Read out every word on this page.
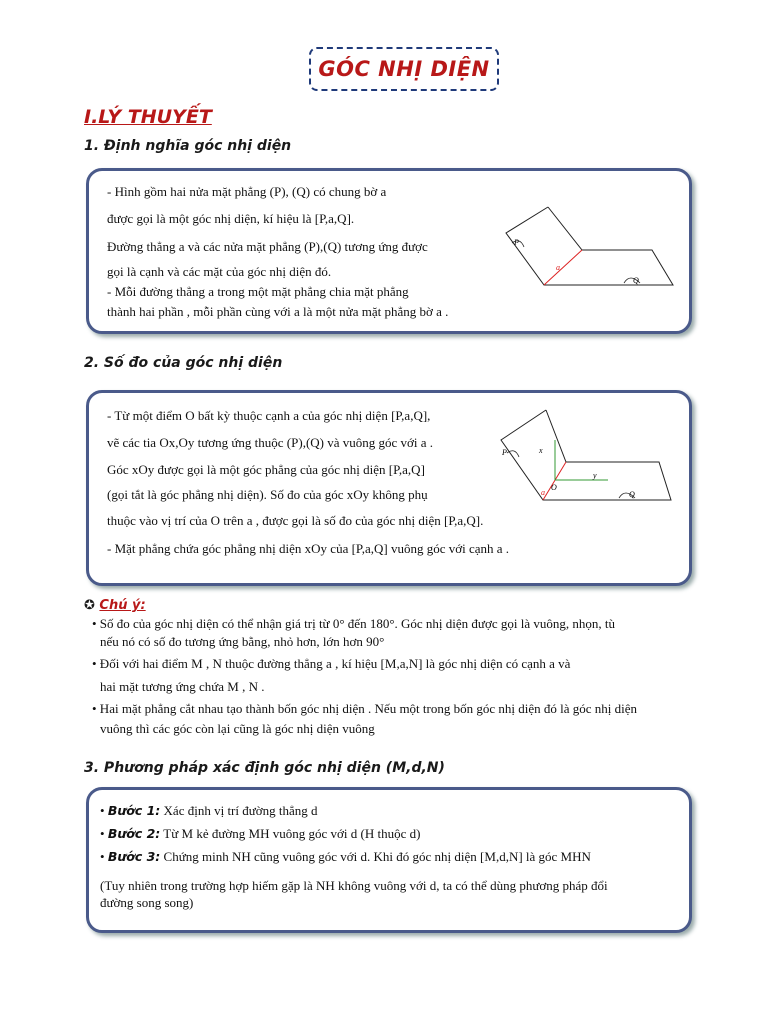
GÓC NHỊ DIỆN
I.LÝ THUYẾT
1. Định nghĩa góc nhị diện
- Hình gồm hai nửa mặt phẳng (P), (Q) có chung bờ a
được gọi là một góc nhị diện, kí hiệu là [P,a,Q].
Đường thẳng a và các nửa mặt phẳng (P),(Q) tương ứng được
gọi là cạnh và các mặt của góc nhị diện đó.
- Mỗi đường thẳng a trong một mặt phẳng chia mặt phẳng
thành hai phần , mỗi phần cùng với a là một nửa mặt phẳng bờ a .
P
Q
a
2. Số đo của góc nhị diện
- Từ một điểm O bất kỳ thuộc cạnh a của góc nhị diện [P,a,Q],
vẽ các tia Ox,Oy tương ứng thuộc (P),(Q) và vuông góc với a .
Góc xOy được gọi là một góc phẳng của góc nhị diện [P,a,Q]
(gọi tắt là góc phẳng nhị diện). Số đo của góc xOy không phụ
thuộc vào vị trí của O trên a , được gọi là số đo của góc nhị diện [P,a,Q].
- Mặt phẳng chứa góc phẳng nhị diện xOy của [P,a,Q] vuông góc với cạnh a .
P
Q
a
O
x
y
✪ Chú ý:
• Số đo của góc nhị diện có thể nhận giá trị từ 0° đến 180°. Góc nhị diện được gọi là vuông, nhọn, tù
nếu nó có số đo tương ứng bằng, nhỏ hơn, lớn hơn 90°
• Đối với hai điểm M , N thuộc đường thẳng a , kí hiệu [M,a,N] là góc nhị diện có cạnh a và
hai mặt tương ứng chứa M , N .
• Hai mặt phẳng cắt nhau tạo thành bốn góc nhị diện . Nếu một trong bốn góc nhị diện đó là góc nhị diện
vuông thì các góc còn lại cũng là góc nhị diện vuông
3. Phương pháp xác định góc nhị diện (M,d,N)
• Bước 1: Xác định vị trí đường thẳng d
• Bước 2: Từ M kẻ đường MH vuông góc với d (H thuộc d)
• Bước 3: Chứng minh NH cũng vuông góc với d. Khi đó góc nhị diện [M,d,N] là góc MHN
(Tuy nhiên trong trường hợp hiếm gặp là NH không vuông với d, ta có thể dùng phương pháp đổi
đường song song)
